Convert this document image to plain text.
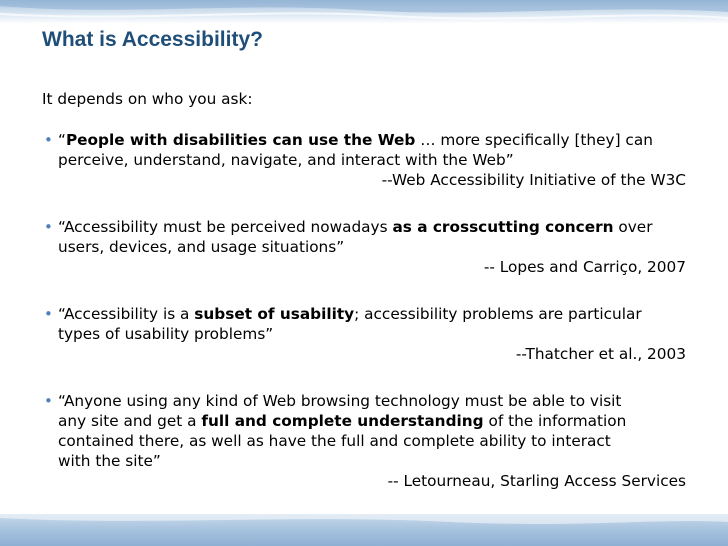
What is Accessibility?
It depends on who you ask:
• “People with disabilities can use the Web … more specifically [they] can
perceive, understand, navigate, and interact with the Web”
--Web Accessibility Initiative of the W3C
• “Accessibility must be perceived nowadays as a crosscutting concern over
users, devices, and usage situations”
-- Lopes and Carriço, 2007
• “Accessibility is a subset of usability; accessibility problems are particular
types of usability problems”
--Thatcher et al., 2003
• “Anyone using any kind of Web browsing technology must be able to visit
any site and get a full and complete understanding of the information
contained there, as well as have the full and complete ability to interact
with the site”
-- Letourneau, Starling Access Services
